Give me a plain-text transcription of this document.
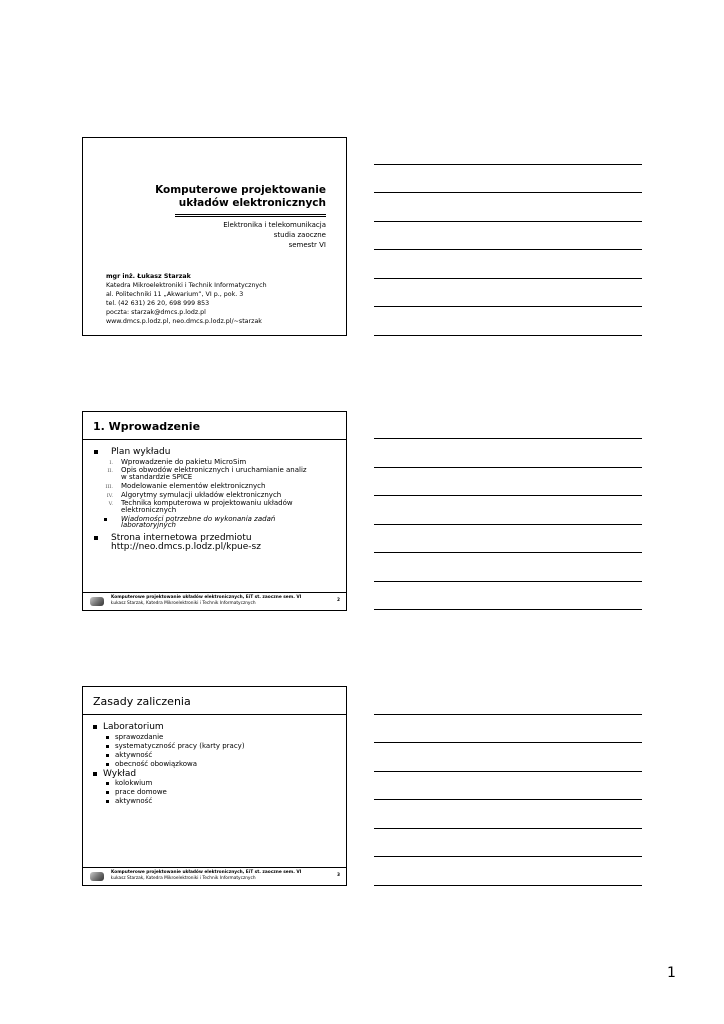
Komputerowe projektowanie
układów elektronicznych
Elektronika i telekomunikacja
studia zaoczne
semestr VI
mgr inż. Łukasz Starzak
Katedra Mikroelektroniki i Technik Informatycznych
al. Politechniki 11 „Akwarium”, VI p., pok. 3
tel. (42 631) 26 20, 698 999 853
poczta: starzak@dmcs.p.lodz.pl
www.dmcs.p.lodz.pl, neo.dmcs.p.lodz.pl/~starzak
1. Wprowadzenie
Plan wykładu
I. Wprowadzenie do pakietu MicroSim
II. Opis obwodów elektronicznych i uruchamianie analiz
w standardzie SPICE
III. Modelowanie elementów elektronicznych
IV. Algorytmy symulacji układów elektronicznych
V. Technika komputerowa w projektowaniu układów
elektronicznych
Wiadomości potrzebne do wykonania zadań
laboratoryjnych
Strona internetowa przedmiotu
http://neo.dmcs.p.lodz.pl/kpue-sz
Komputerowe projektowanie układów elektronicznych, EiT st. zaoczne sem. VI
Łukasz Starzak, Katedra Mikroelektroniki i Technik Informatycznych
2
Zasady zaliczenia
Laboratorium
sprawozdanie
systematyczność pracy (karty pracy)
aktywność
obecność obowiązkowa
Wykład
kolokwium
prace domowe
aktywność
Komputerowe projektowanie układów elektronicznych, EiT st. zaoczne sem. VI
Łukasz Starzak, Katedra Mikroelektroniki i Technik Informatycznych
3
1
